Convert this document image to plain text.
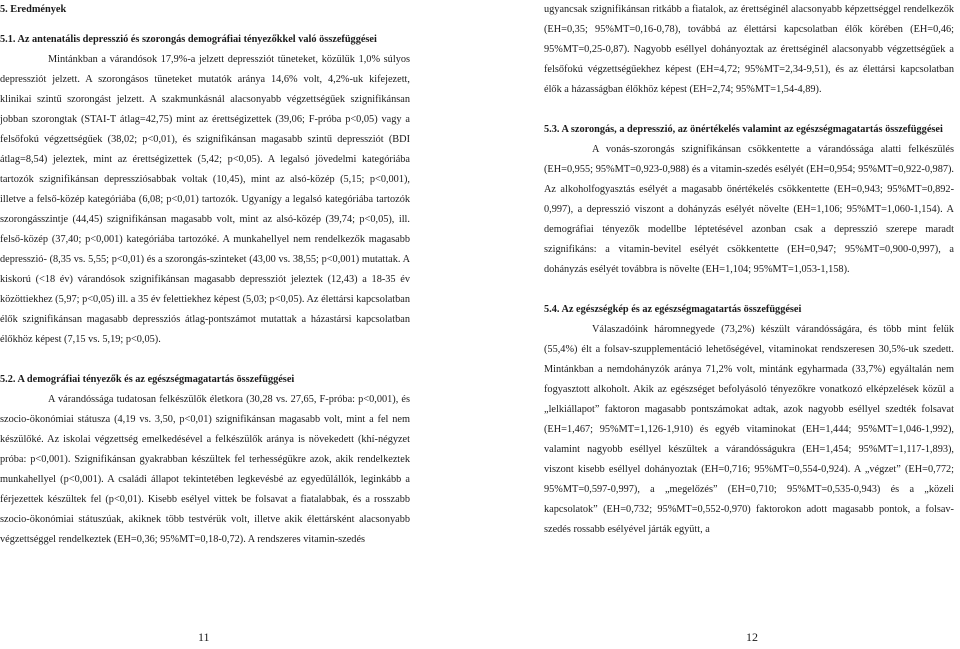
5. Eredmények

5.1. Az antenatális depresszió és szorongás demográfiai tényezőkkel való összefüggései

Mintánkban a várandósok 17,9%-a jelzett depressziót tüneteket, közülük 1,0% súlyos depressziót jelzett. A szorongásos tüneteket mutatók aránya 14,6% volt, 4,2%-uk kifejezett, klinikai szintű szorongást jelzett. A szakmunkásnál alacsonyabb végzettségűek szignifikánsan jobban szorongtak (STAI-T átlag=42,75) mint az érettségizettek (39,06; F-próba p<0,05) vagy a felsőfokú végzettségűek (38,02; p<0,01), és szignifikánsan magasabb szintű depressziót (BDI átlag=8,54) jeleztek, mint az érettségizettek (5,42; p<0,05). A legalsó jövedelmi kategóriába tartozók szignifikánsan depressziósabbak voltak (10,45), mint az alsó-közép (5,15; p<0,001), illetve a felső-közép kategóriába (6,08; p<0,01) tartozók. Ugyanígy a legalsó kategóriába tartozók szorongásszintje (44,45) szignifikánsan magasabb volt, mint az alsó-közép (39,74; p<0,05), ill. felső-közép (37,40; p<0,001) kategóriába tartozóké. A munkahellyel nem rendelkezők magasabb depresszió- (8,35 vs. 5,55; p<0,01) és a szorongás-szinteket (43,00 vs. 38,55; p<0,001) mutattak. A kiskorú (<18 év) várandósok szignifikánsan magasabb depressziót jeleztek (12,43) a 18-35 év közöttiekhez (5,97; p<0,05) ill. a 35 év felettiekhez képest (5,03; p<0,05). Az élettársi kapcsolatban élők szignifikánsan magasabb depressziós átlag-pontszámot mutattak a házastársi kapcsolatban élőkhöz képest (7,15 vs. 5,19; p<0,05).

5.2. A demográfiai tényezők és az egészségmagatartás összefüggései

A várandóssága tudatosan felkészülők életkora (30,28 vs. 27,65, F-próba: p<0,001), és szocio-ökonómiai státusza (4,19 vs. 3,50, p<0,01) szignifikánsan magasabb volt, mint a fel nem készülőké. Az iskolai végzettség emelkedésével a felkészülők aránya is növekedett (khí-négyzet próba: p<0,001). Szignifikánsan gyakrabban készültek fel terhességükre azok, akik rendelkeztek munkahellyel (p<0,001). A családi állapot tekintetében legkevésbé az egyedülállók, leginkább a férjezettek készültek fel (p<0,01). Kisebb esélyel vittek be folsavat a fiatalabbak, és a rosszabb szocio-ökonómiai státuszúak, akiknek több testvérük volt, illetve akik élettársként alacsonyabb végzettséggel rendelkeztek (EH=0,36; 95%MT=0,18-0,72). A rendszeres vitamin-szedés

ugyancsak szignifikánsan ritkább a fiatalok, az érettséginél alacsonyabb képzettséggel rendelkezők (EH=0,35; 95%MT=0,16-0,78), továbbá az élettársi kapcsolatban élők körében (EH=0,46; 95%MT=0,25-0,87). Nagyobb eséllyel dohányoztak az érettséginél alacsonyabb végzettségűek a felsőfokú végzettségűekhez képest (EH=4,72; 95%MT=2,34-9,51), és az élettársi kapcsolatban élők a házasságban élőkhöz képest (EH=2,74; 95%MT=1,54-4,89).

5.3. A szorongás, a depresszió, az önértékelés valamint az egészségmagatartás összefüggései

A vonás-szorongás szignifikánsan csökkentette a várandóssága alatti felkészülés (EH=0,955; 95%MT=0,923-0,988) és a vitamin-szedés esélyét (EH=0,954; 95%MT=0,922-0,987). Az alkoholfogyasztás esélyét a magasabb önértékelés csökkentette (EH=0,943; 95%MT=0,892-0,997), a depresszió viszont a dohányzás esélyét növelte (EH=1,106; 95%MT=1,060-1,154). A demográfiai tényezők modellbe léptetésével azonban csak a depresszió szerepe maradt szignifikáns: a vitamin-bevitel esélyét csökkentette (EH=0,947; 95%MT=0,900-0,997), a dohányzás esélyét továbbra is növelte (EH=1,104; 95%MT=1,053-1,158).

5.4. Az egészségkép és az egészségmagatartás összefüggései

Válaszadóink háromnegyede (73,2%) készült várandósságára, és több mint felük (55,4%) élt a folsav-szupplementáció lehetőségével, vitaminokat rendszeresen 30,5%-uk szedett. Mintánkban a nemdohányzók aránya 71,2% volt, mintánk egyharmada (33,7%) egyáltalán nem fogyasztott alkoholt. Akik az egészséget befolyásoló tényezőkre vonatkozó elképzelések közül a „lelkiállapot” faktoron magasabb pontszámokat adtak, azok nagyobb eséllyel szedték folsavat (EH=1,467; 95%MT=1,126-1,910) és egyéb vitaminokat (EH=1,444; 95%MT=1,046-1,992), valamint nagyobb eséllyel készültek a várandósságukra (EH=1,454; 95%MT=1,117-1,893), viszont kisebb eséllyel dohányoztak (EH=0,716; 95%MT=0,554-0,924). A „végzet” (EH=0,772; 95%MT=0,597-0,997), a „megelőzés” (EH=0,710; 95%MT=0,535-0,943) és a „közeli kapcsolatok” (EH=0,732; 95%MT=0,552-0,970) faktorokon adott magasabb pontok, a folsav-szedés rossabb esélyével járták együtt, a

11	12
